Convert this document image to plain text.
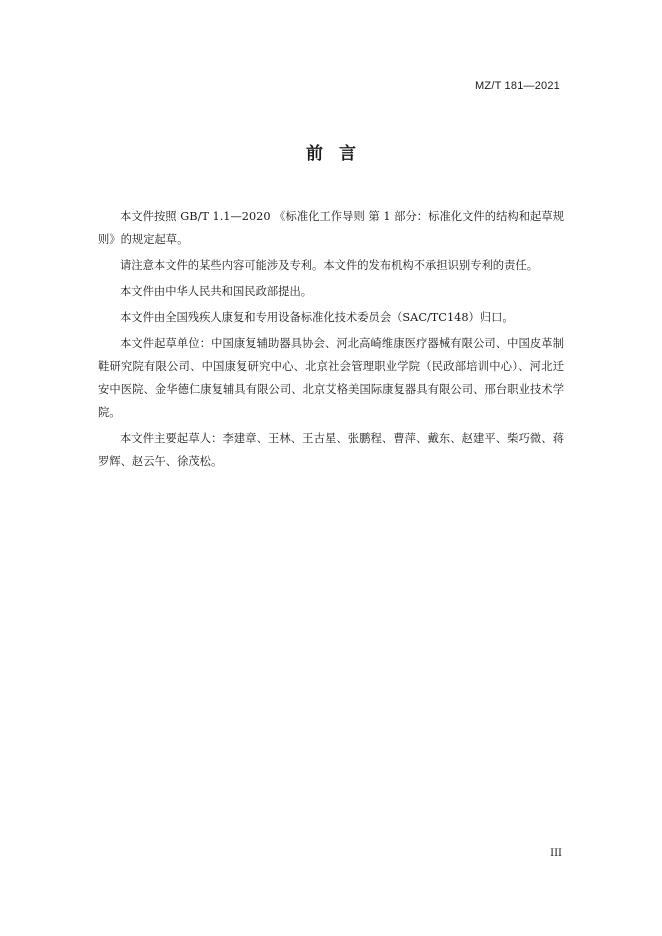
MZ/T 181—2021
前言

本文件按照 GB/T 1.1—2020 《标准化工作导则 第 1 部分：标准化文件的结构和起草规则》的规定起草。

请注意本文件的某些内容可能涉及专利。本文件的发布机构不承担识别专利的责任。

本文件由中华人民共和国民政部提出。

本文件由全国残疾人康复和专用设备标准化技术委员会（SAC/TC148）归口。

本文件起草单位：中国康复辅助器具协会、河北高崎维康医疗器械有限公司、中国皮革制鞋研究院有限公司、中国康复研究中心、北京社会管理职业学院（民政部培训中心）、河北迁安中医院、金华德仁康复辅具有限公司、北京艾格美国际康复器具有限公司、邢台职业技术学院。

本文件主要起草人：李建章、王林、王古星、张鹏程、曹萍、戴东、赵建平、柴巧微、蒋罗辉、赵云午、徐茂松。

III
